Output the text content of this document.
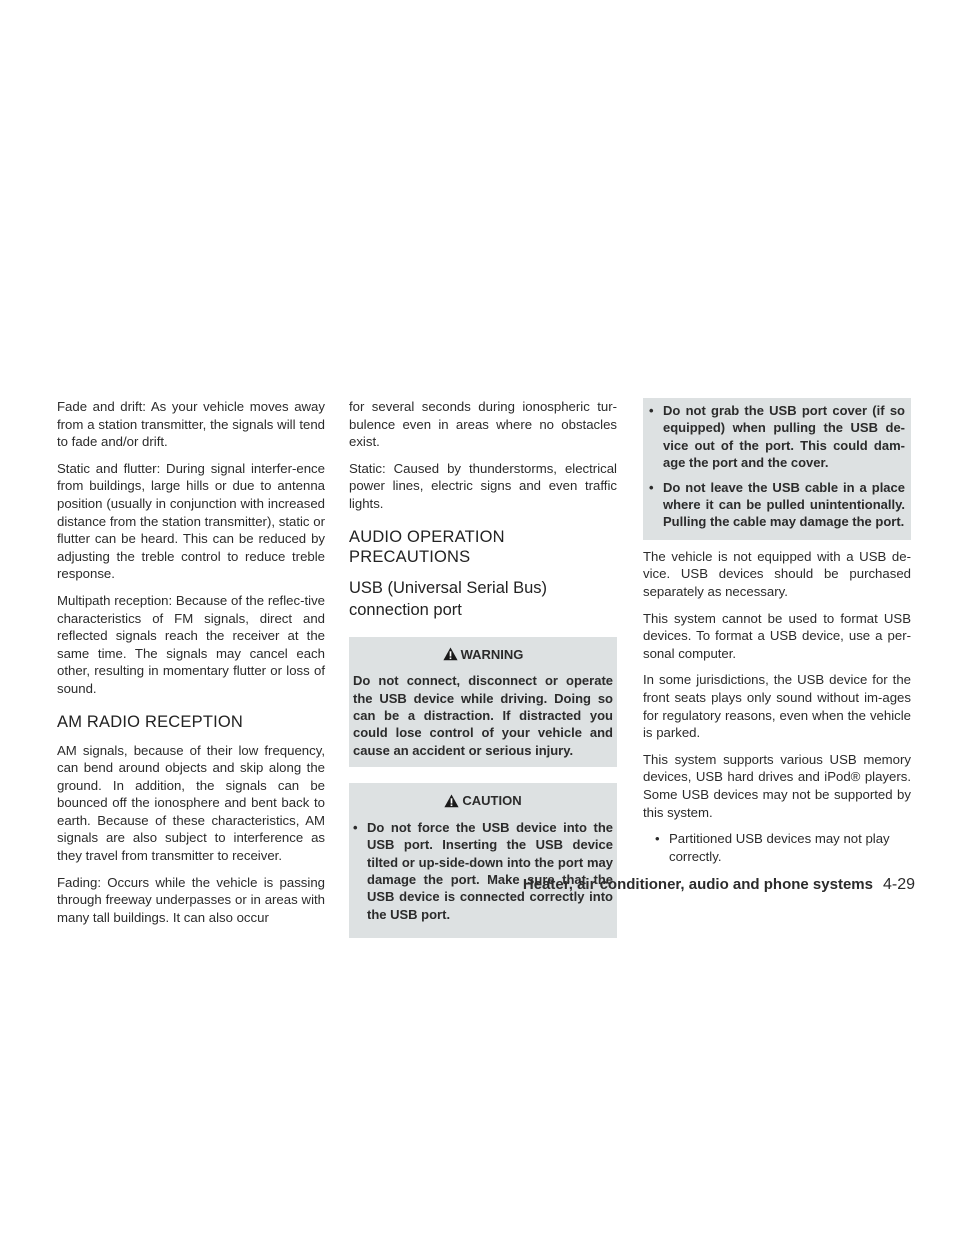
Fade and drift: As your vehicle moves away from a station transmitter, the signals will tend to fade and/or drift.

Static and flutter: During signal interfer-ence from buildings, large hills or due to antenna position (usually in conjunction with increased distance from the station transmitter), static or flutter can be heard. This can be reduced by adjusting the treble control to reduce treble response.

Multipath reception: Because of the reflec-tive characteristics of FM signals, direct and reflected signals reach the receiver at the same time. The signals may cancel each other, resulting in momentary flutter or loss of sound.

AM RADIO RECEPTION

AM signals, because of their low frequency, can bend around objects and skip along the ground. In addition, the signals can be bounced off the ionosphere and bent back to earth. Because of these characteristics, AM signals are also subject to interference as they travel from transmitter to receiver.

Fading: Occurs while the vehicle is passing through freeway underpasses or in areas with many tall buildings. It can also occur

for several seconds during ionospheric tur-bulence even in areas where no obstacles exist.

Static: Caused by thunderstorms, electrical power lines, electric signs and even traffic lights.

AUDIO OPERATION PRECAUTIONS
USB (Universal Serial Bus) connection port
WARNING
Do not connect, disconnect or operate the USB device while driving. Doing so can be a distraction. If distracted you could lose control of your vehicle and cause an accident or serious injury.
CAUTION
• Do not force the USB device into the USB port. Inserting the USB device tilted or up-side-down into the port may damage the port. Make sure that the USB device is connected correctly into the USB port.
• Do not grab the USB port cover (if so equipped) when pulling the USB de-vice out of the port. This could dam-age the port and the cover.
• Do not leave the USB cable in a place where it can be pulled unintentionally. Pulling the cable may damage the port.

The vehicle is not equipped with a USB de-vice. USB devices should be purchased separately as necessary.

This system cannot be used to format USB devices. To format a USB device, use a per-sonal computer.

In some jurisdictions, the USB device for the front seats plays only sound without im-ages for regulatory reasons, even when the vehicle is parked.

This system supports various USB memory devices, USB hard drives and iPod® players. Some USB devices may not be supported by this system.

• Partitioned USB devices may not play correctly.
Heater, air conditioner, audio and phone systems 4-29
